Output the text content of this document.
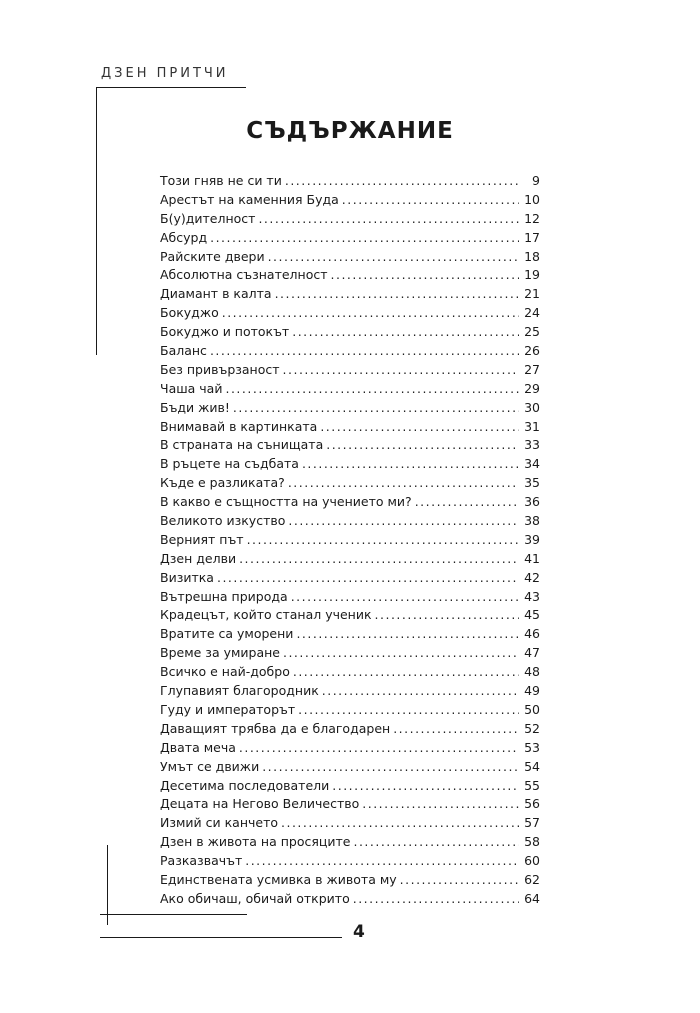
ДЗЕН ПРИТЧИ
СЪДЪРЖАНИЕ
Този гняв не си ти .....	9
Арестът на каменния Буда .....	10
Б(у)дителност .....	12
Абсурд .....	17
Райските двери .....	18
Абсолютна съзнателност .....	19
Диамант в калта .....	21
Бокуджо .....	24
Бокуджо и потокът .....	25
Баланс .....	26
Без привързаност .....	27
Чаша чай .....	29
Бъди жив! .....	30
Внимавай в картинката .....	31
В страната на сънищата .....	33
В ръцете на съдбата .....	34
Къде е разликата? .....	35
В какво е същността на учението ми? .....	36
Великото изкуство .....	38
Верният път .....	39
Дзен делви .....	41
Визитка .....	42
Вътрешна природа .....	43
Крадецът, който станал ученик .....	45
Вратите са уморени .....	46
Време за умиране .....	47
Всичко е най-добро .....	48
Глупавият благородник .....	49
Гуду и императорът .....	50
Даващият трябва да е благодарен .....	52
Двата меча .....	53
Умът се движи .....	54
Десетима последователи .....	55
Децата на Негово Величество .....	56
Измий си канчето .....	57
Дзен в живота на просяците .....	58
Разказвачът .....	60
Единствената усмивка в живота му .....	62
Ако обичаш, обичай открито .....	64
4
